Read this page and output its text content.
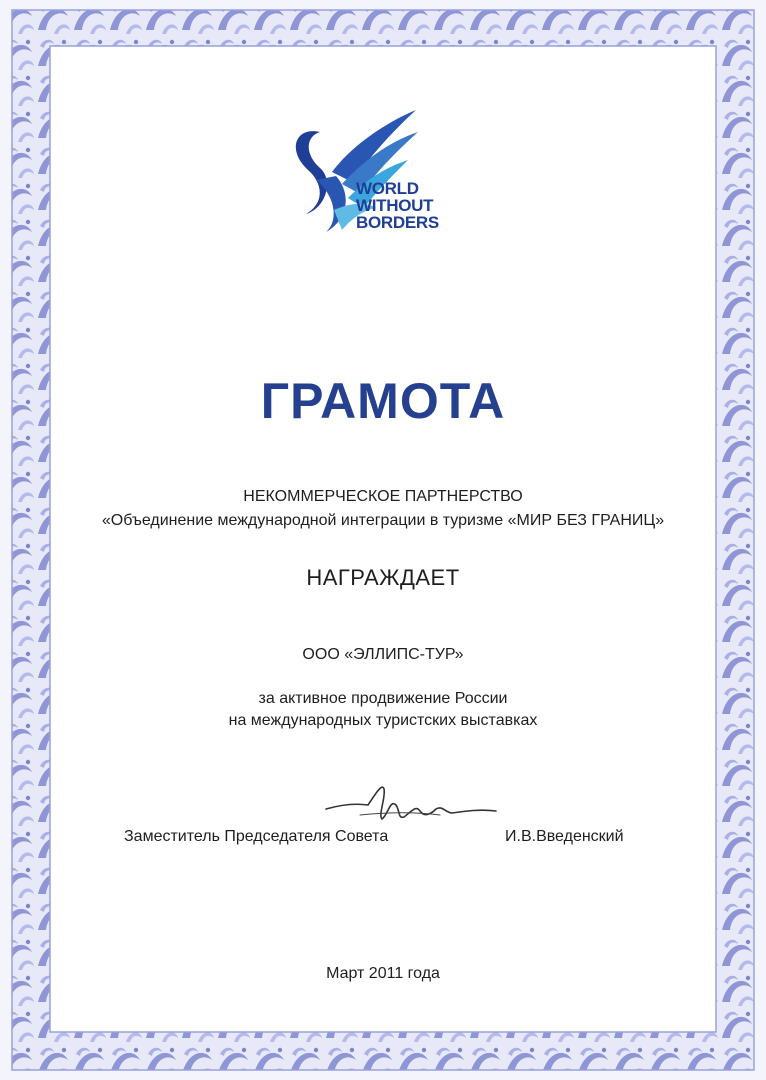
WORLD
WITHOUT
BORDERS
ГРАМОТА
НЕКОММЕРЧЕСКОЕ ПАРТНЕРСТВО
«Объединение международной интеграции в туризме «МИР БЕЗ ГРАНИЦ»
НАГРАЖДАЕТ
ООО «ЭЛЛИПС-ТУР»
за активное продвижение России
на международных туристских выставках
Заместитель Председателя Совета	И.В.Введенский
Март 2011 года
